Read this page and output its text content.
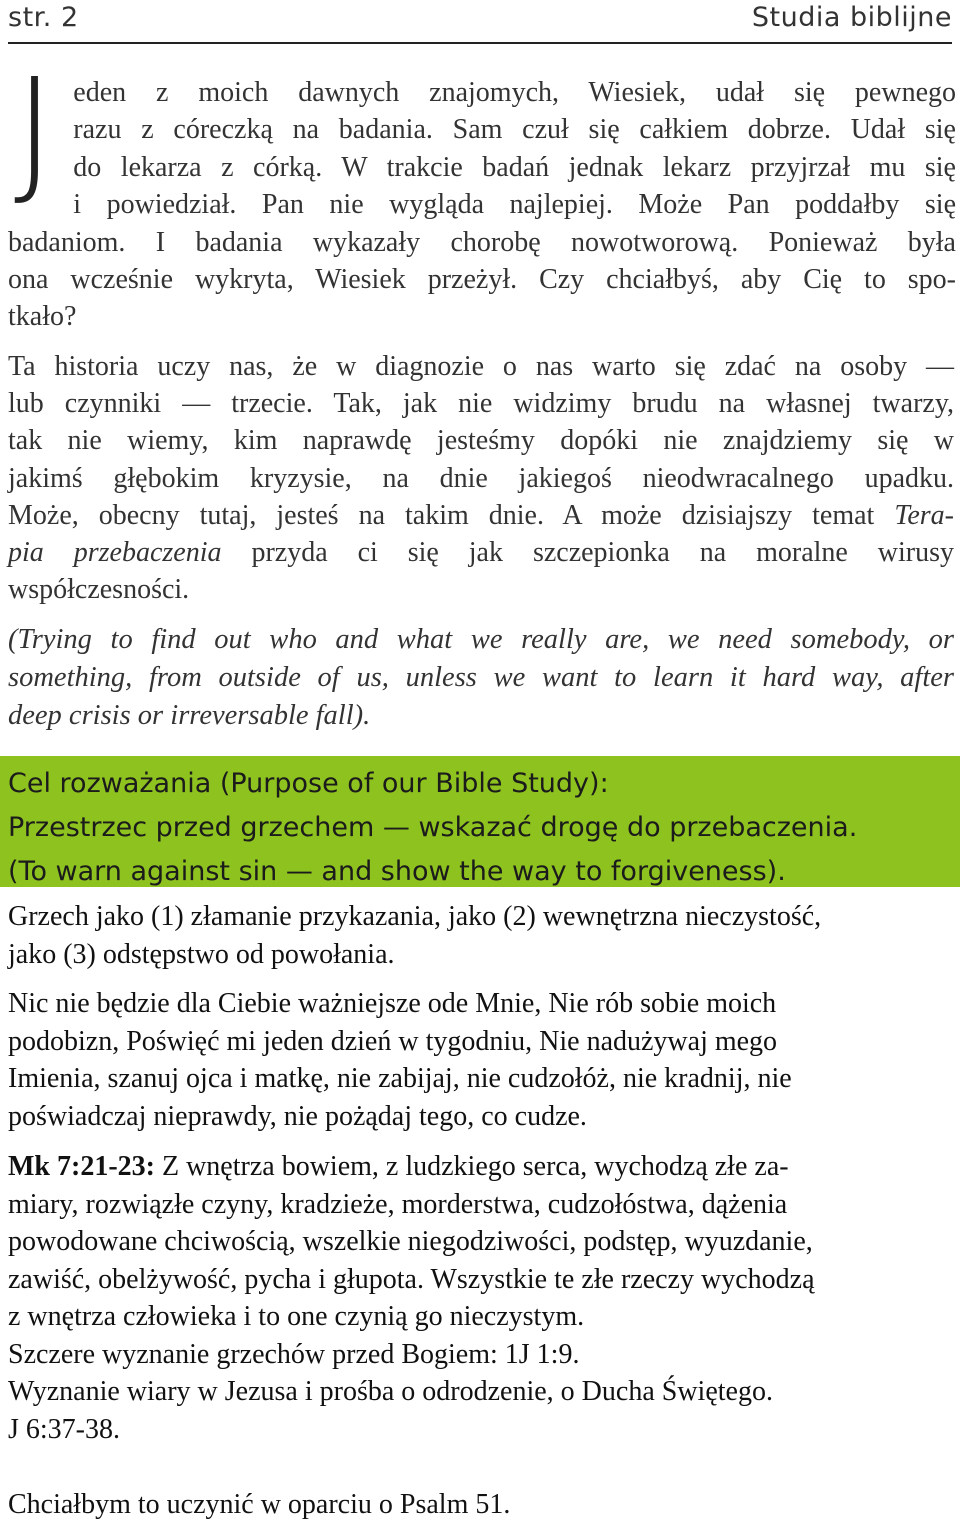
str. 2	Studia biblijne
J eden z moich dawnych znajomych, Wiesiek, udał się pewnego
razu z córeczką na badania. Sam czuł się całkiem dobrze. Udał się
do lekarza z córką. W trakcie badań jednak lekarz przyjrzał mu się
i powiedział. Pan nie wygląda najlepiej. Może Pan poddałby się
badaniom. I badania wykazały chorobę nowotworową. Ponieważ była
ona wcześnie wykryta, Wiesiek przeżył. Czy chciałbyś, aby Cię to spo-
tkało?
Ta historia uczy nas, że w diagnozie o nas warto się zdać na osoby —
lub czynniki — trzecie. Tak, jak nie widzimy brudu na własnej twarzy,
tak nie wiemy, kim naprawdę jesteśmy dopóki nie znajdziemy się w
jakimś głębokim kryzysie, na dnie jakiegoś nieodwracalnego upadku.
Może, obecny tutaj, jesteś na takim dnie. A może dzisiajszy temat Tera-
pia przebaczenia przyda ci się jak szczepionka na moralne wirusy
współczesności.
(Trying to find out who and what we really are, we need somebody, or
something, from outside of us, unless we want to learn it hard way, after
deep crisis or irreversable fall).
Cel rozważania (Purpose of our Bible Study):
Przestrzec przed grzechem — wskazać drogę do przebaczenia.
(To warn against sin — and show the way to forgiveness).
Grzech jako (1) złamanie przykazania, jako (2) wewnętrzna nieczystość,
jako (3) odstępstwo od powołania.
Nic nie będzie dla Ciebie ważniejsze ode Mnie, Nie rób sobie moich
podobizn, Poświęć mi jeden dzień w tygodniu, Nie nadużywaj mego
Imienia, szanuj ojca i matkę, nie zabijaj, nie cudzołóż, nie kradnij, nie
poświadczaj nieprawdy, nie pożądaj tego, co cudze.
Mk 7:21-23: Z wnętrza bowiem, z ludzkiego serca, wychodzą złe za-
miary, rozwiązłe czyny, kradzieże, morderstwa, cudzołóstwa, dążenia
powodowane chciwością, wszelkie niegodziwości, podstęp, wyuzdanie,
zawiść, obelżywość, pycha i głupota. Wszystkie te złe rzeczy wychodzą
z wnętrza człowieka i to one czynią go nieczystym.
Szczere wyznanie grzechów przed Bogiem: 1J 1:9.
Wyznanie wiary w Jezusa i prośba o odrodzenie, o Ducha Świętego.
J 6:37-38.
Chciałbym to uczynić w oparciu o Psalm 51.
